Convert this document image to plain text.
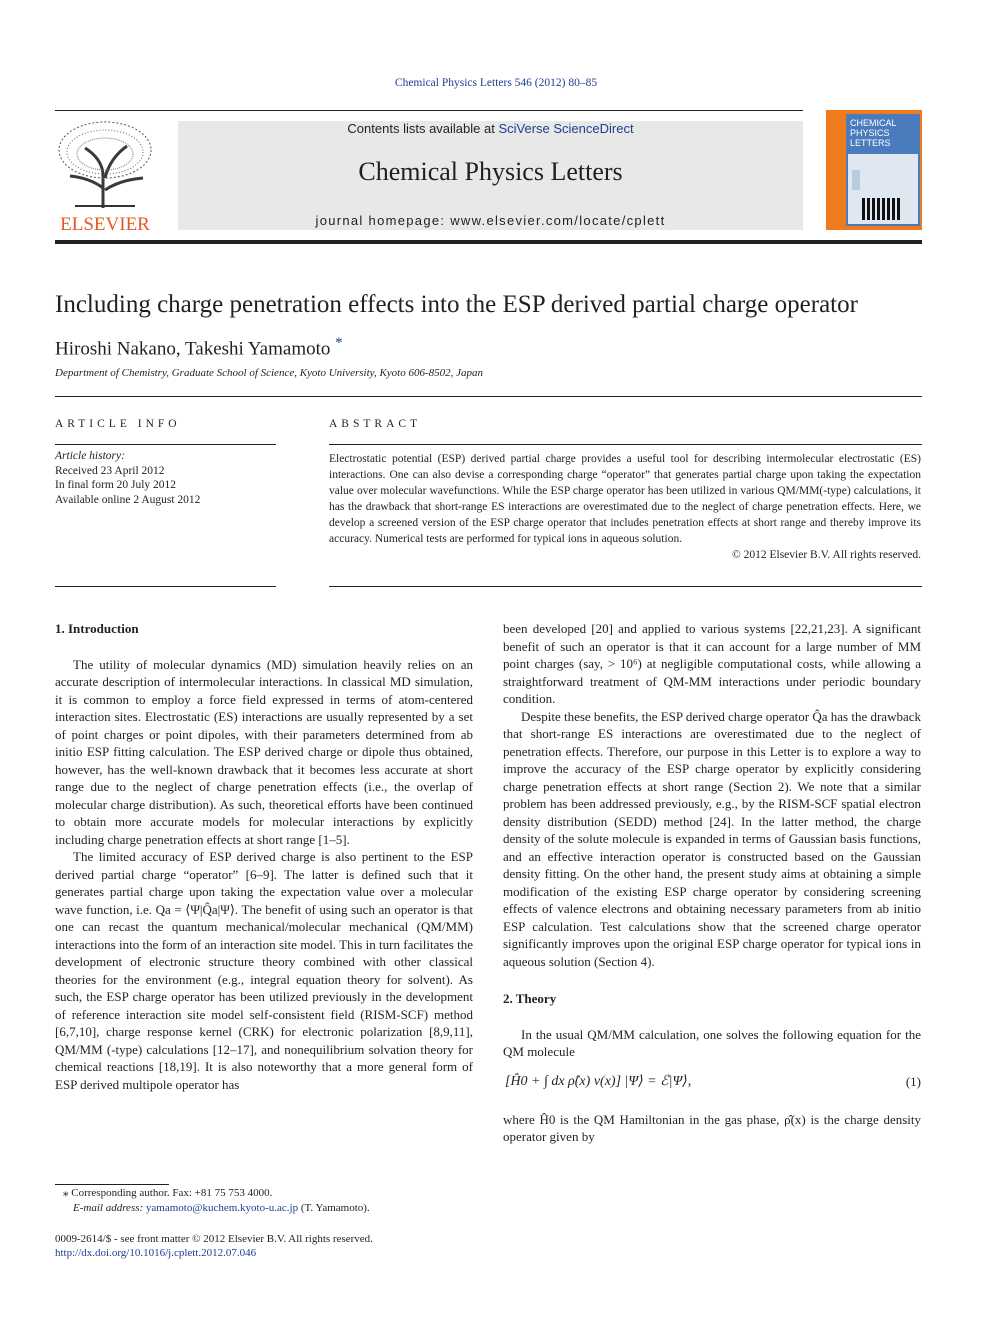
Chemical Physics Letters 546 (2012) 80–85
ELSEVIER
Contents lists available at SciVerse ScienceDirect
Chemical Physics Letters
journal homepage: www.elsevier.com/locate/cplett
CHEMICAL
PHYSICS
LETTERS
Including charge penetration effects into the ESP derived partial charge operator
Hiroshi Nakano, Takeshi Yamamoto *
Department of Chemistry, Graduate School of Science, Kyoto University, Kyoto 606-8502, Japan
ARTICLE INFO	ABSTRACT
Article history:
Received 23 April 2012
In final form 20 July 2012
Available online 2 August 2012
Electrostatic potential (ESP) derived partial charge provides a useful tool for describing intermolecular electrostatic (ES) interactions. One can also devise a corresponding charge “operator” that generates partial charge upon taking the expectation value over molecular wavefunctions. While the ESP charge operator has been utilized in various QM/MM(-type) calculations, it has the drawback that short-range ES interactions are overestimated due to the neglect of charge penetration effects. Here, we develop a screened version of the ESP charge operator that includes penetration effects at short range and thereby improve its accuracy. Numerical tests are performed for typical ions in aqueous solution.
© 2012 Elsevier B.V. All rights reserved.
1. Introduction

The utility of molecular dynamics (MD) simulation heavily relies on an accurate description of intermolecular interactions. In classical MD simulation, it is common to employ a force field expressed in terms of atom-centered interaction sites. Electrostatic (ES) interactions are usually represented by a set of point charges or point dipoles, with their parameters determined from ab initio ESP fitting calculation. The ESP derived charge or dipole thus obtained, however, has the well-known drawback that it becomes less accurate at short range due to the neglect of charge penetration effects (i.e., the overlap of molecular charge distribution). As such, theoretical efforts have been continued to obtain more accurate models for molecular interactions by explicitly including charge penetration effects at short range [1–5].

The limited accuracy of ESP derived charge is also pertinent to the ESP derived partial charge “operator” [6–9]. The latter is defined such that it generates partial charge upon taking the expectation value over a molecular wave function, i.e. Qa = ⟨Ψ|Q̂a|Ψ⟩. The benefit of using such an operator is that one can recast the quantum mechanical/molecular mechanical (QM/MM) interactions into the form of an interaction site model. This in turn facilitates the development of electronic structure theory combined with other classical theories for the environment (e.g., integral equation theory for solvent). As such, the ESP charge operator has been utilized previously in the development of reference interaction site model self-consistent field (RISM-SCF) method [6,7,10], charge response kernel (CRK) for electronic polarization [8,9,11], QM/MM (-type) calculations [12–17], and nonequilibrium solvation theory for chemical reactions [18,19]. It is also noteworthy that a more general form of ESP derived multipole operator has

been developed [20] and applied to various systems [22,21,23]. A significant benefit of such an operator is that it can account for a large number of MM point charges (say, > 10⁶) at negligible computational costs, while allowing a straightforward treatment of QM-MM interactions under periodic boundary condition.

Despite these benefits, the ESP derived charge operator Q̂a has the drawback that short-range ES interactions are overestimated due to the neglect of penetration effects. Therefore, our purpose in this Letter is to explore a way to improve the accuracy of the ESP charge operator by explicitly considering charge penetration effects at short range (Section 2). We note that a similar problem has been addressed previously, e.g., by the RISM-SCF spatial electron density distribution (SEDD) method [24]. In the latter method, the charge density of the solute molecule is expanded in terms of Gaussian basis functions, and an effective interaction operator is constructed based on the Gaussian density fitting. On the other hand, the present study aims at obtaining a simple modification of the existing ESP charge operator by considering screening effects of valence electrons and obtaining necessary parameters from ab initio ESP calculation. Test calculations show that the screened charge operator significantly improves upon the original ESP charge operator for typical ions in aqueous solution (Section 4).

2. Theory

In the usual QM/MM calculation, one solves the following equation for the QM molecule

[Ĥ0 + ∫ dx ρ̂(x) v(x)] |Ψ⟩ = ℰ|Ψ⟩,	(1)

where Ĥ0 is the QM Hamiltonian in the gas phase, ρ̂(x) is the charge density operator given by

⁎ Corresponding author. Fax: +81 75 753 4000.
E-mail address: yamamoto@kuchem.kyoto-u.ac.jp (T. Yamamoto).
0009-2614/$ - see front matter © 2012 Elsevier B.V. All rights reserved.
http://dx.doi.org/10.1016/j.cplett.2012.07.046
